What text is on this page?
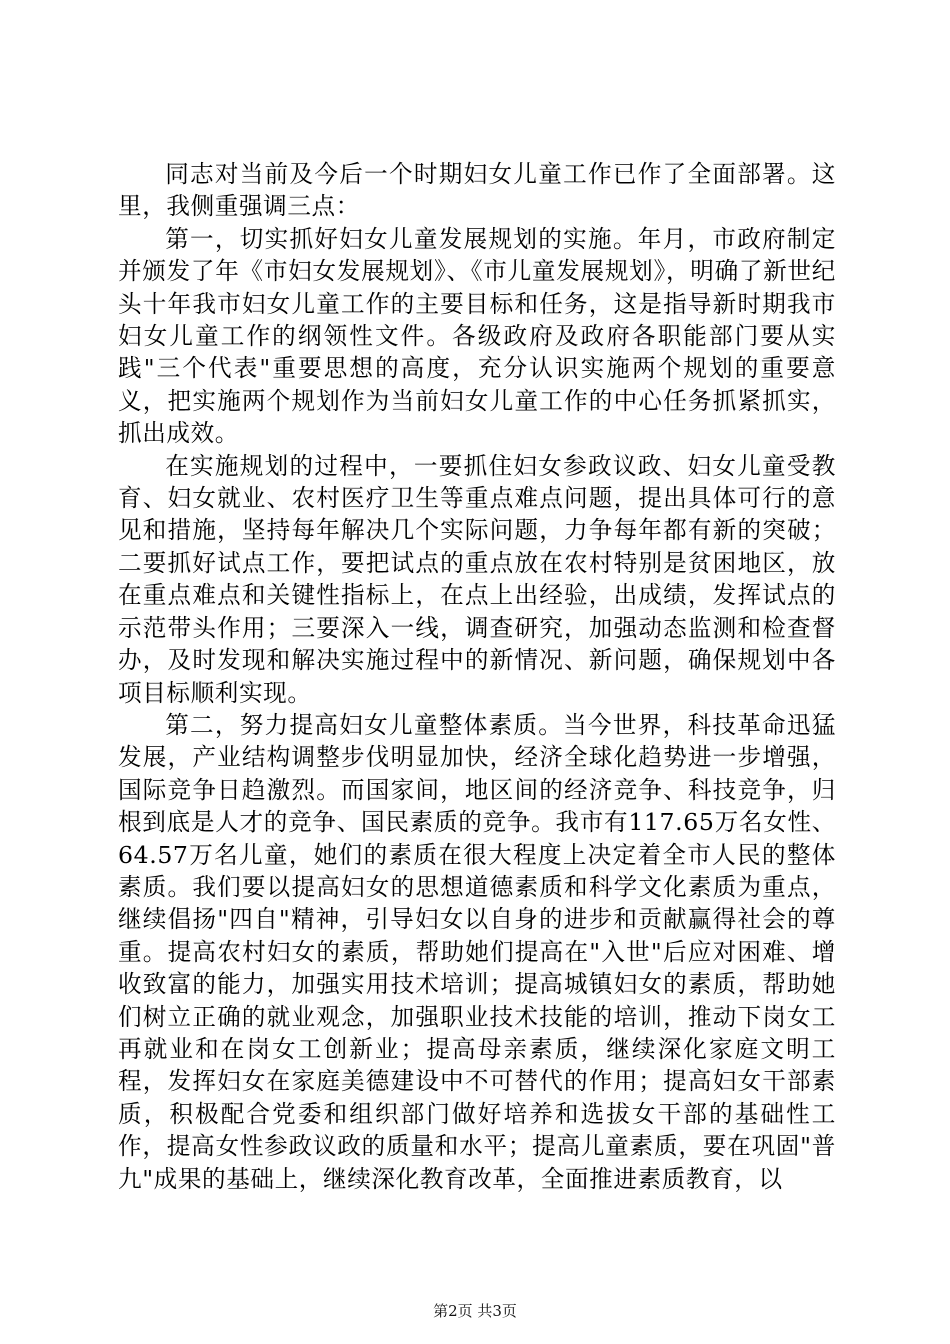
同志对当前及今后一个时期妇女儿童工作已作了全面部署。这里，我侧重强调三点：

第一，切实抓好妇女儿童发展规划的实施。年月，市政府制定并颁发了年《市妇女发展规划》、《市儿童发展规划》，明确了新世纪头十年我市妇女儿童工作的主要目标和任务，这是指导新时期我市妇女儿童工作的纲领性文件。各级政府及政府各职能部门要从实践"三个代表"重要思想的高度，充分认识实施两个规划的重要意义，把实施两个规划作为当前妇女儿童工作的中心任务抓紧抓实，抓出成效。

在实施规划的过程中，一要抓住妇女参政议政、妇女儿童受教育、妇女就业、农村医疗卫生等重点难点问题，提出具体可行的意见和措施，坚持每年解决几个实际问题，力争每年都有新的突破；二要抓好试点工作，要把试点的重点放在农村特别是贫困地区，放在重点难点和关键性指标上，在点上出经验，出成绩，发挥试点的示范带头作用；三要深入一线，调查研究，加强动态监测和检查督办，及时发现和解决实施过程中的新情况、新问题，确保规划中各项目标顺利实现。

第二，努力提高妇女儿童整体素质。当今世界，科技革命迅猛发展，产业结构调整步伐明显加快，经济全球化趋势进一步增强，国际竞争日趋激烈。而国家间，地区间的经济竞争、科技竞争，归根到底是人才的竞争、国民素质的竞争。我市有117.65万名女性、64.57万名儿童，她们的素质在很大程度上决定着全市人民的整体素质。我们要以提高妇女的思想道德素质和科学文化素质为重点，继续倡扬"四自"精神，引导妇女以自身的进步和贡献赢得社会的尊重。提高农村妇女的素质，帮助她们提高在"入世"后应对困难、增收致富的能力，加强实用技术培训；提高城镇妇女的素质，帮助她们树立正确的就业观念，加强职业技术技能的培训，推动下岗女工再就业和在岗女工创新业；提高母亲素质，继续深化家庭文明工程，发挥妇女在家庭美德建设中不可替代的作用；提高妇女干部素质，积极配合党委和组织部门做好培养和选拔女干部的基础性工作，提高女性参政议政的质量和水平；提高儿童素质，要在巩固"普九"成果的基础上，继续深化教育改革，全面推进素质教育，以

第2页 共3页
